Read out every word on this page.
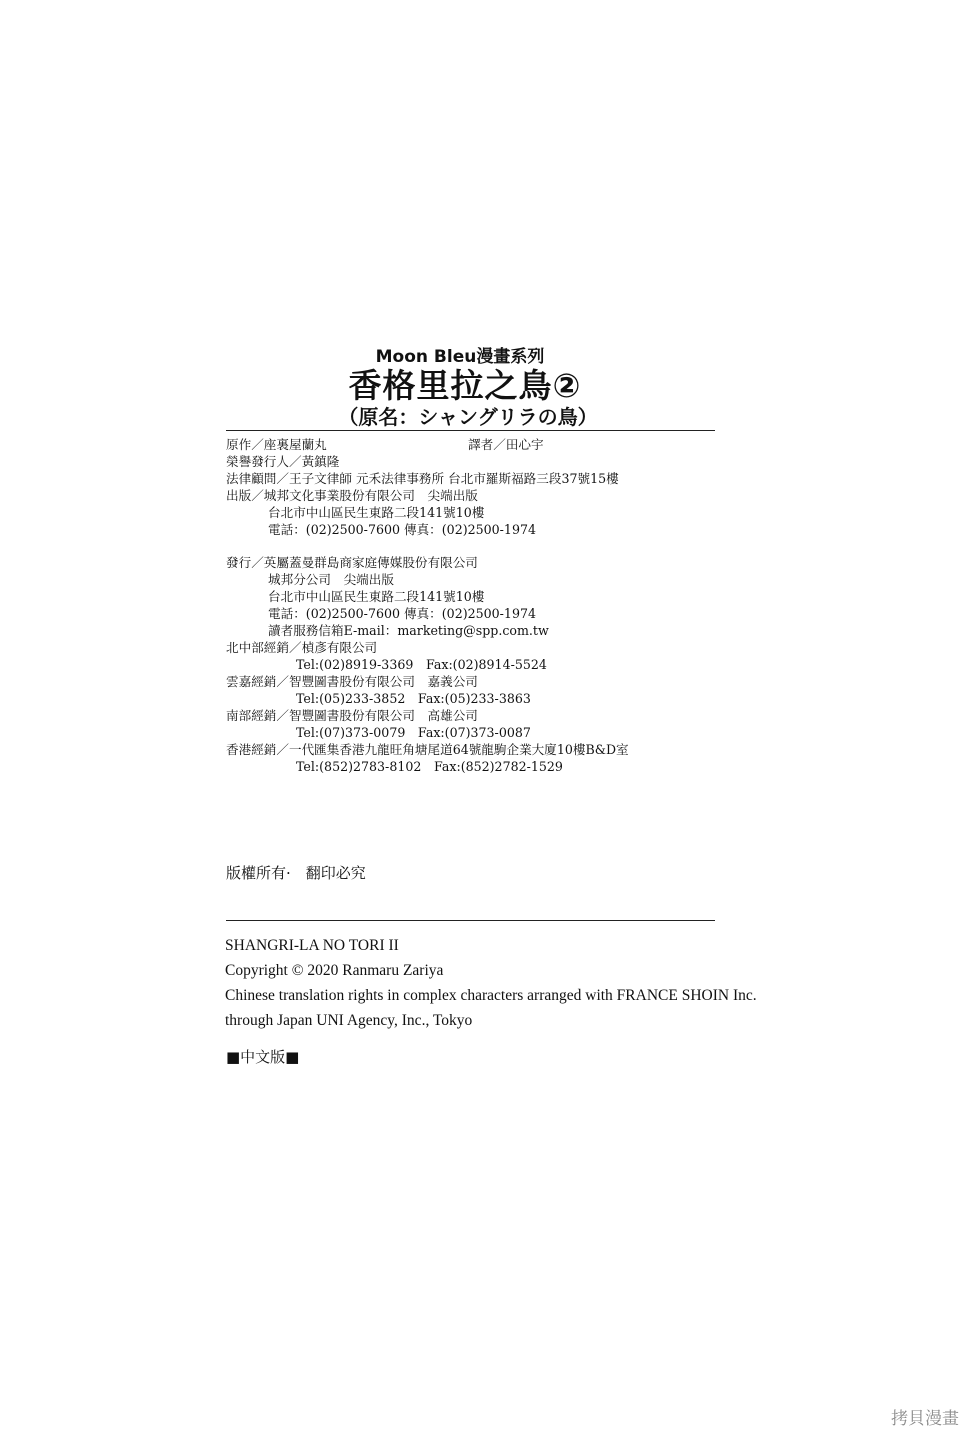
Moon Bleu漫畫系列
香格里拉之鳥②
（原名：シャングリラの鳥）
原作／座裏屋蘭丸	譯者／田心宇
榮譽發行人／黃鎮隆
法律顧問／王子文律師 元禾法律事務所 台北市羅斯福路三段37號15樓
出版／城邦文化事業股份有限公司　尖端出版
台北市中山區民生東路二段141號10樓
電話：(02)2500-7600 傳真：(02)2500-1974
發行／英屬蓋曼群島商家庭傳媒股份有限公司
城邦分公司　尖端出版
台北市中山區民生東路二段141號10樓
電話：(02)2500-7600 傳真：(02)2500-1974
讀者服務信箱E-mail：marketing@spp.com.tw
北中部經銷／楨彥有限公司
Tel:(02)8919-3369　Fax:(02)8914-5524
雲嘉經銷／智豐圖書股份有限公司　嘉義公司
Tel:(05)233-3852　Fax:(05)233-3863
南部經銷／智豐圖書股份有限公司　高雄公司
Tel:(07)373-0079　Fax:(07)373-0087
香港經銷／一代匯集香港九龍旺角塘尾道64號龍駒企業大廈10樓B&D室
Tel:(852)2783-8102　Fax:(852)2782-1529
版權所有·　翻印必究
SHANGRI-LA NO TORI II
Copyright © 2020 Ranmaru Zariya
Chinese translation rights in complex characters arranged with FRANCE SHOIN Inc.
through Japan UNI Agency, Inc., Tokyo
■中文版■
拷貝漫畫
